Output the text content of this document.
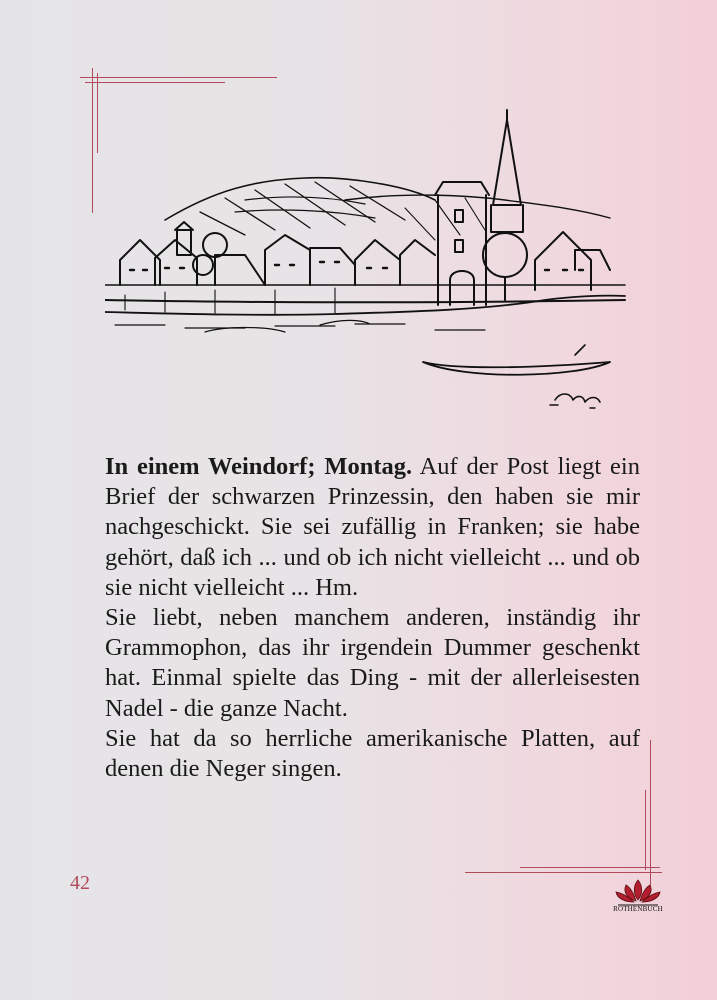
In einem Weindorf; Montag. Auf der Post liegt ein Brief der schwarzen Prinzessin, den haben sie mir nachgeschickt. Sie sei zufällig in Franken; sie habe gehört, daß ich ... und ob ich nicht vielleicht ... und ob sie nicht vielleicht ... Hm.

Sie liebt, neben manchem anderen, inständig ihr Grammophon, das ihr irgendein Dummer geschenkt hat. Einmal spielte das Ding - mit der allerleisesten Nadel - die ganze Nacht.

Sie hat da so herrliche amerikanische Platten, auf denen die Neger singen.

42
ROTHENBUCH
